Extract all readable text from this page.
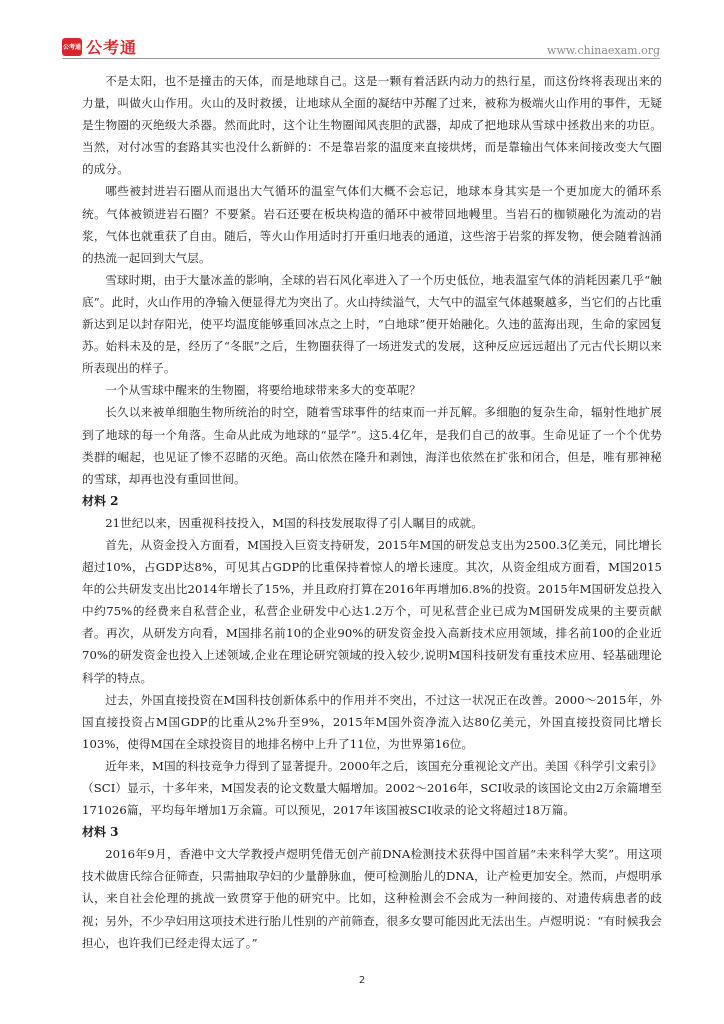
公考通 公考通	www.chinaexam.org

不是太阳，也不是撞击的天体，而是地球自己。这是一颗有着活跃内动力的热行星，而这份终将表现出来的力量，叫做火山作用。火山的及时救援，让地球从全面的凝结中苏醒了过来，被称为极端火山作用的事件，无疑是生物圈的灭绝级大杀器。然而此时，这个让生物圈闻风丧胆的武器，却成了把地球从雪球中拯救出来的功臣。当然，对付冰雪的套路其实也没什么新鲜的：不是靠岩浆的温度来直接烘烤，而是靠输出气体来间接改变大气圈的成分。

哪些被封进岩石圈从而退出大气循环的温室气体们大概不会忘记，地球本身其实是一个更加庞大的循环系统。气体被锁进岩石圈？不要紧。岩石还要在板块构造的循环中被带回地幔里。当岩石的枷锁融化为流动的岩浆，气体也就重获了自由。随后，等火山作用适时打开重归地表的通道，这些溶于岩浆的挥发物，便会随着汹涌的热流一起回到大气层。

雪球时期，由于大量冰盖的影响，全球的岩石风化率进入了一个历史低位，地表温室气体的消耗因素几乎“触底”。此时，火山作用的净输入便显得尤为突出了。火山持续溢气，大气中的温室气体越聚越多，当它们的占比重新达到足以封存阳光，使平均温度能够重回冰点之上时，“白地球”便开始融化。久违的蓝海出现，生命的家园复苏。始料未及的是，经历了“冬眠”之后，生物圈获得了一场迸发式的发展，这种反应远远超出了元古代长期以来所表现出的样子。

一个从雪球中醒来的生物圈，将要给地球带来多大的变革呢？

长久以来被单细胞生物所统治的时空，随着雪球事件的结束而一并瓦解。多细胞的复杂生命，辐射性地扩展到了地球的每一个角落。生命从此成为地球的“显学”。这5.4亿年，是我们自己的故事。生命见证了一个个优势类群的崛起，也见证了惨不忍睹的灭绝。高山依然在隆升和剥蚀，海洋也依然在扩张和闭合，但是，唯有那神秘的雪球，却再也没有重回世间。

材料 2

21世纪以来，因重视科技投入，M国的科技发展取得了引人瞩目的成就。

首先，从资金投入方面看，M国投入巨资支持研发，2015年M国的研发总支出为2500.3亿美元，同比增长超过10%，占GDP达8%，可见其占GDP的比重保持着惊人的增长速度。其次，从资金组成方面看，M国2015年的公共研发支出比2014年增长了15%，并且政府打算在2016年再增加6.8%的投资。2015年M国研发总投入中约75%的经费来自私营企业，私营企业研发中心达1.2万个，可见私营企业已成为M国研发成果的主要贡献者。再次，从研发方向看，M国排名前10的企业90%的研发资金投入高新技术应用领域，排名前100的企业近70%的研发资金也投入上述领域,企业在理论研究领域的投入较少,说明M国科技研发有重技术应用、轻基础理论科学的特点。

过去，外国直接投资在M国科技创新体系中的作用并不突出，不过这一状况正在改善。2000～2015年，外国直接投资占M国GDP的比重从2%升至9%，2015年M国外资净流入达80亿美元，外国直接投资同比增长103%，使得M国在全球投资目的地排名榜中上升了11位，为世界第16位。

近年来，M国的科技竞争力得到了显著提升。2000年之后，该国充分重视论文产出。美国《科学引文索引》（SCI）显示，十多年来，M国发表的论文数量大幅增加。2002～2016年，SCI收录的该国论文由2万余篇增至171026篇，平均每年增加1万余篇。可以预见，2017年该国被SCI收录的论文将超过18万篇。

材料 3

2016年9月，香港中文大学教授卢煜明凭借无创产前DNA检测技术获得中国首届“未来科学大奖”。用这项技术做唐氏综合征筛查，只需抽取孕妇的少量静脉血，便可检测胎儿的DNA，让产检更加安全。然而，卢煜明承认，来自社会伦理的挑战一致贯穿于他的研究中。比如，这种检测会不会成为一种间接的、对遗传病患者的歧视；另外，不少孕妇用这项技术进行胎儿性别的产前筛查，很多女婴可能因此无法出生。卢煜明说：“有时候我会担心，也许我们已经走得太远了。”

2
